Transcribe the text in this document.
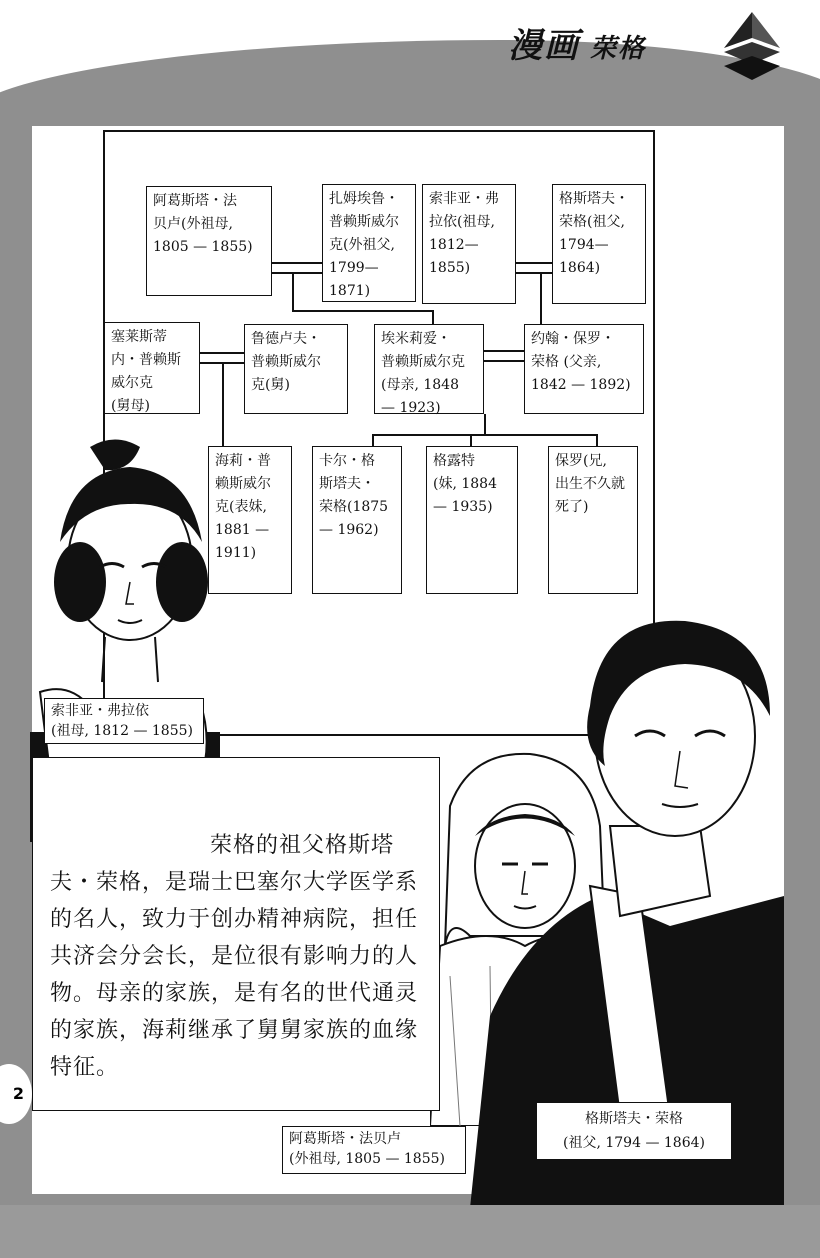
漫画 荣格
阿葛斯塔・法
贝卢(外祖母,
1805 — 1855)
扎姆埃鲁・
普赖斯威尔
克(外祖父,
1799—1871)
索非亚・弗
拉依(祖母,
1812—1855)
格斯塔夫・
荣格(祖父,
1794—1864)
塞莱斯蒂
内・普赖斯
威尔克
(舅母)
鲁德卢夫・
普赖斯威尔
克(舅)
埃米莉爱・
普赖斯威尔克
(母亲, 1848
— 1923)
约翰・保罗・
荣格 (父亲,
1842 — 1892)
海莉・普
赖斯威尔
克(表妹,
1881 —
1911)
卡尔・格
斯塔夫・
荣格(1875
— 1962)
格露特
(妹, 1884
— 1935)
保罗(兄,
出生不久就
死了)
荣格的祖父格斯塔夫・荣格，是瑞士巴塞尔大学医学系的名人，致力于创办精神病院，担任共济会分会长，是位很有影响力的人物。母亲的家族，是有名的世代通灵的家族，海莉继承了舅舅家族的血缘特征。
索非亚・弗拉依
(祖母, 1812 — 1855)
阿葛斯塔・法贝卢
(外祖母, 1805 — 1855)
格斯塔夫・荣格
(祖父, 1794 — 1864)
2
